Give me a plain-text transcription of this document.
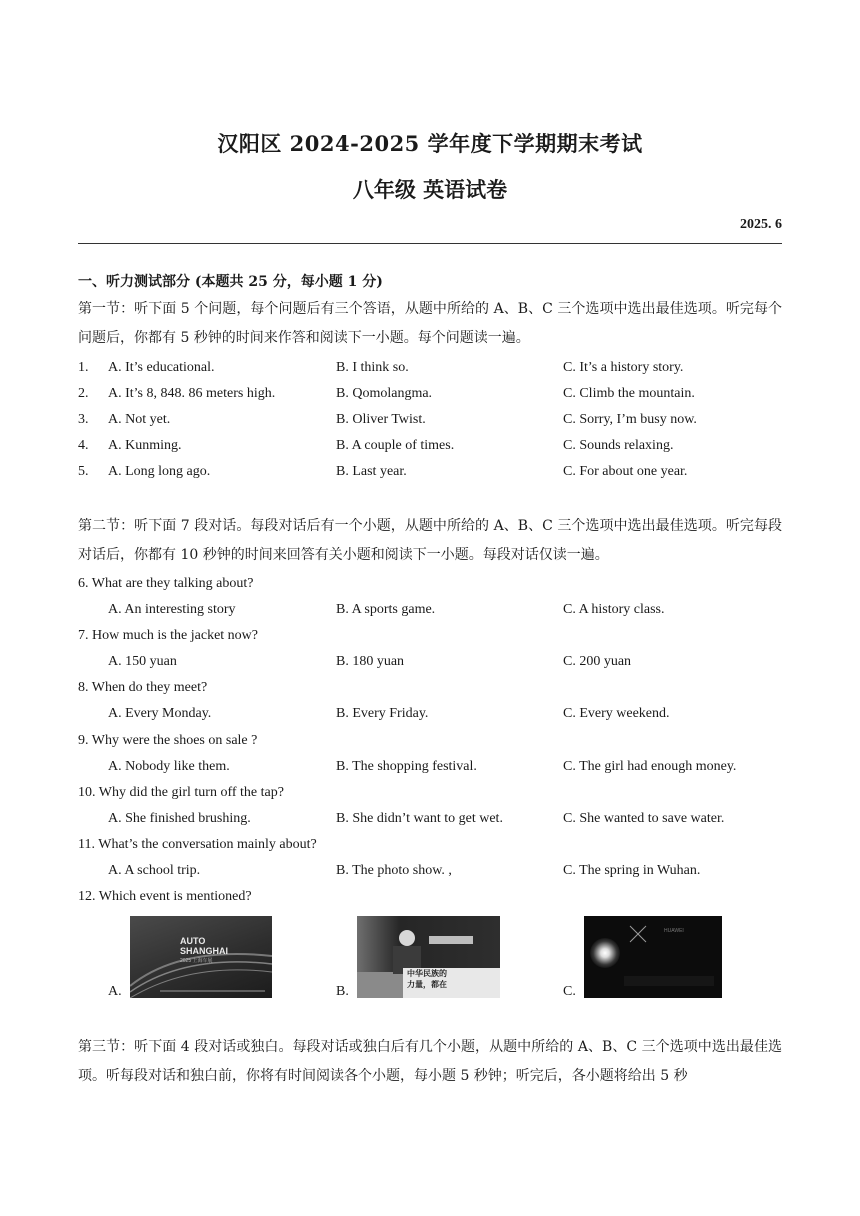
汉阳区 2024-2025 学年度下学期期末考试
八年级 英语试卷
2025. 6
一、听力测试部分 (本题共 25 分，每小题 1 分)
第一节：听下面 5 个问题，每个问题后有三个答语，从题中所给的 A、B、C 三个选项中选出最佳选项。听完每个问题后，你都有 5 秒钟的时间来作答和阅读下一小题。每个问题读一遍。
1. A. It’s educational.	B. I think so.	C. It’s a history story.
2. A. It’s 8, 848. 86 meters high.	B. Qomolangma.	C. Climb the mountain.
3. A. Not yet.	B. Oliver Twist.	C. Sorry, I’m busy now.
4. A. Kunming.	B. A couple of times.	C. Sounds relaxing.
5. A. Long long ago.	B. Last year.	C. For about one year.
第二节：听下面 7 段对话。每段对话后有一个小题，从题中所给的 A、B、C 三个选项中选出最佳选项。听完每段对话后，你都有 10 秒钟的时间来回答有关小题和阅读下一小题。每段对话仅读一遍。
6. What are they talking about?
A. An interesting story	B. A sports game.	C. A history class.
7. How much is the jacket now?
A. 150 yuan	B. 180 yuan	C. 200 yuan
8. When do they meet?
A. Every Monday.	B. Every Friday.	C. Every weekend.
9. Why were the shoes on sale ?
A. Nobody like them.	B. The shopping festival.	C. The girl had enough money.
10. Why did the girl turn off the tap?
A. She finished brushing.	B. She didn’t want to get wet.	C. She wanted to save water.
11. What’s the conversation mainly about?
A. A school trip.	B. The photo show. ,	C. The spring in Wuhan.
12. Which event is mentioned?
A.
AUTO
SHANGHAI
2025 上海车展
B.
中华民族的
力量，都在	C.
HUAWEI
第三节：听下面 4 段对话或独白。每段对话或独白后有几个小题，从题中所给的 A、B、C 三个选项中选出最佳选项。听每段对话和独白前，你将有时间阅读各个小题，每小题 5 秒钟；听完后，各小题将给出 5 秒
